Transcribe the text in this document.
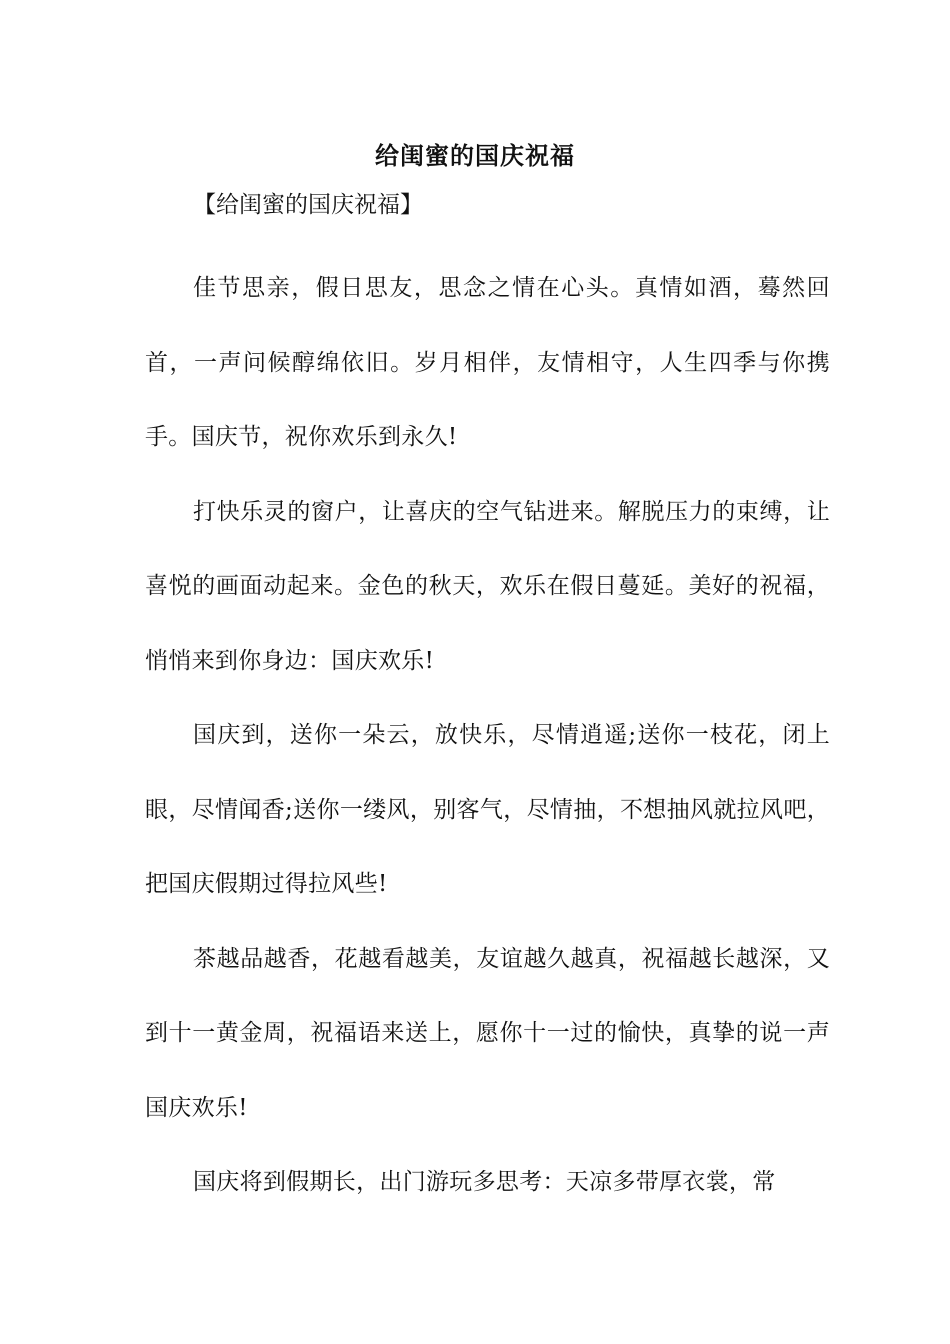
给闺蜜的国庆祝福

【给闺蜜的国庆祝福】

佳节思亲，假日思友，思念之情在心头。真情如酒，蓦然回首，一声问候醇绵依旧。岁月相伴，友情相守，人生四季与你携手。国庆节，祝你欢乐到永久!

打快乐灵的窗户，让喜庆的空气钻进来。解脱压力的束缚，让喜悦的画面动起来。金色的秋天，欢乐在假日蔓延。美好的祝福，悄悄来到你身边：国庆欢乐!

国庆到，送你一朵云，放快乐，尽情逍遥;送你一枝花，闭上眼，尽情闻香;送你一缕风，别客气，尽情抽，不想抽风就拉风吧，把国庆假期过得拉风些!

茶越品越香，花越看越美，友谊越久越真，祝福越长越深，又到十一黄金周，祝福语来送上，愿你十一过的愉快，真挚的说一声国庆欢乐!

国庆将到假期长，出门游玩多思考：天凉多带厚衣裳，常
